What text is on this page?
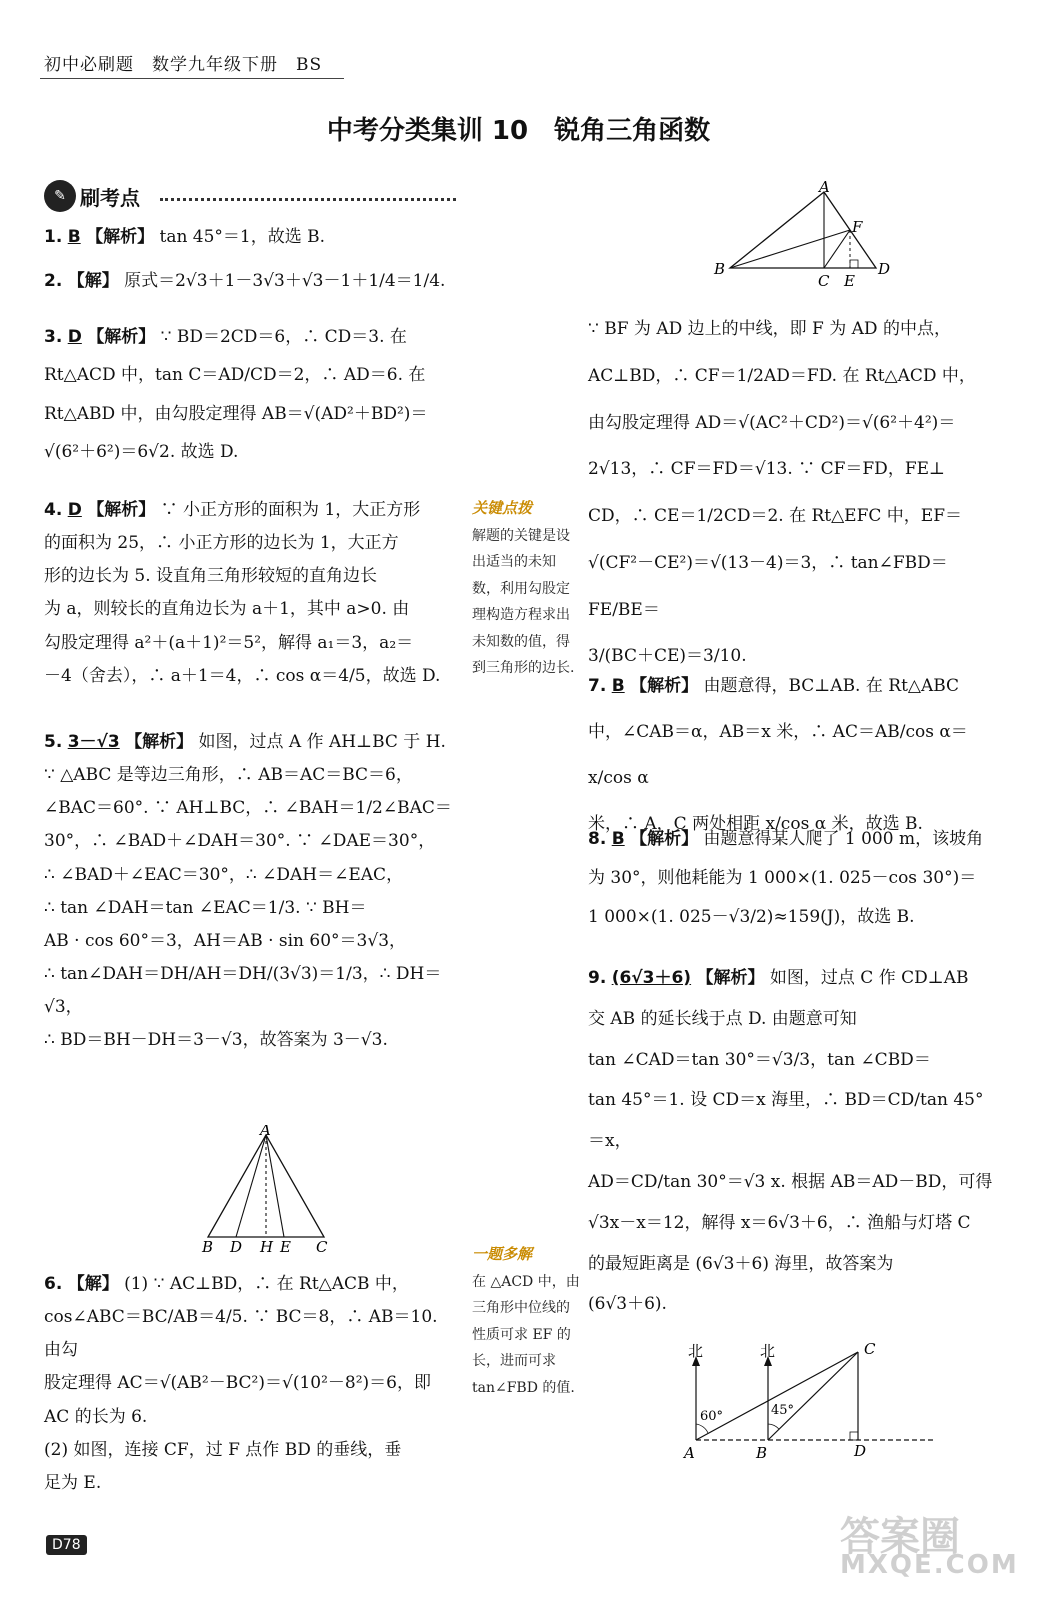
初中必刷题　数学九年级下册　BS
中考分类集训 10　锐角三角函数
✎ 刷考点
1. B 【解析】 tan 45°＝1，故选 B.
2. 【解】 原式＝2√3＋1－3√3＋√3－1＋1/4＝1/4.

3. D 【解析】 ∵ BD＝2CD＝6，∴ CD＝3. 在

Rt△ACD 中，tan C＝AD/CD＝2，∴ AD＝6. 在

Rt△ABD 中，由勾股定理得 AB＝√(AD²＋BD²)＝

√(6²＋6²)＝6√2. 故选 D.

4. D 【解析】 ∵ 小正方形的面积为 1，大正方形

的面积为 25，∴ 小正方形的边长为 1，大正方

形的边长为 5. 设直角三角形较短的直角边长

为 a，则较长的直角边长为 a＋1，其中 a>0. 由

勾股定理得 a²＋(a＋1)²＝5²，解得 a₁＝3，a₂＝

－4（舍去），∴ a＋1＝4，∴ cos α＝4/5，故选 D.

关键点拨
解题的关键是设出适当的未知数，利用勾股定理构造方程求出未知数的值，得到三角形的边长.

5. 3－√3 【解析】 如图，过点 A 作 AH⊥BC 于 H.

∵ △ABC 是等边三角形，∴ AB＝AC＝BC＝6，

∠BAC＝60°. ∵ AH⊥BC，∴ ∠BAH＝1/2∠BAC＝

30°，∴ ∠BAD＋∠DAH＝30°. ∵ ∠DAE＝30°，

∴ ∠BAD＋∠EAC＝30°，∴ ∠DAH＝∠EAC，

∴ tan ∠DAH＝tan ∠EAC＝1/3. ∵ BH＝

AB · cos 60°＝3，AH＝AB · sin 60°＝3√3，

∴ tan∠DAH＝DH/AH＝DH/(3√3)＝1/3，∴ DH＝√3，

∴ BD＝BH－DH＝3－√3，故答案为 3－√3.

A
B D H E C	一题多解
在 △ACD 中，由三角形中位线的性质可求 EF 的长，进而可求 tan∠FBD 的值.

6. 【解】 (1) ∵ AC⊥BD，∴ 在 Rt△ACB 中，

cos∠ABC＝BC/AB＝4/5. ∵ BC＝8，∴ AB＝10. 由勾

股定理得 AC＝√(AB²－BC²)＝√(10²－8²)＝6，即

AC 的长为 6.

(2) 如图，连接 CF，过 F 点作 BD 的垂线，垂

足为 E.

A
F
B
C E
D

∵ BF 为 AD 边上的中线，即 F 为 AD 的中点，

AC⊥BD，∴ CF＝1/2AD＝FD. 在 Rt△ACD 中，

由勾股定理得 AD＝√(AC²＋CD²)＝√(6²＋4²)＝

2√13，∴ CF＝FD＝√13. ∵ CF＝FD，FE⊥

CD，∴ CE＝1/2CD＝2. 在 Rt△EFC 中，EF＝

√(CF²－CE²)＝√(13－4)＝3，∴ tan∠FBD＝FE/BE＝

3/(BC＋CE)＝3/10.

7. B 【解析】 由题意得，BC⊥AB. 在 Rt△ABC

中，∠CAB＝α，AB＝x 米，∴ AC＝AB/cos α＝x/cos α

米，∴ A，C 两处相距 x/cos α 米，故选 B.

8. B 【解析】 由题意得某人爬了 1 000 m，该坡角

为 30°，则他耗能为 1 000×(1. 025－cos 30°)＝

1 000×(1. 025－√3/2)≈159(J)，故选 B.

9. (6√3＋6) 【解析】 如图，过点 C 作 CD⊥AB

交 AB 的延长线于点 D. 由题意可知

tan ∠CAD＝tan 30°＝√3/3，tan ∠CBD＝

tan 45°＝1. 设 CD＝x 海里，∴ BD＝CD/tan 45°＝x，

AD＝CD/tan 30°＝√3 x. 根据 AB＝AD－BD，可得

√3x－x＝12，解得 x＝6√3＋6，∴ 渔船与灯塔 C

的最短距离是 (6√3＋6) 海里，故答案为

(6√3＋6).

北	北
60°	45°
A	B
C
D
D78	答案圈
MXQE.COM
